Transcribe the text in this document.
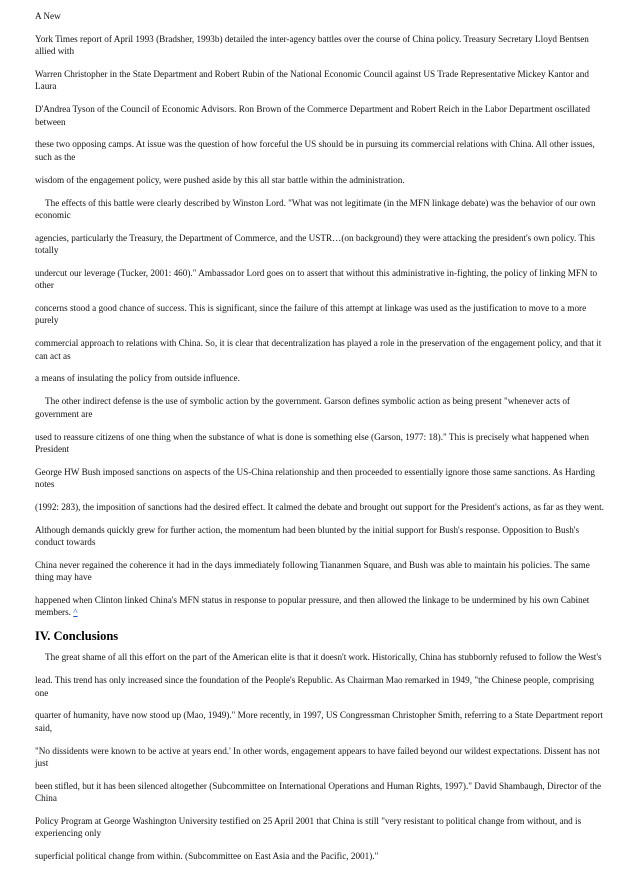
A New

York Times report of April 1993 (Bradsher, 1993b) detailed the inter-agency battles over the course of China policy. Treasury Secretary Lloyd Bentsen allied with

Warren Christopher in the State Department and Robert Rubin of the National Economic Council against US Trade Representative Mickey Kantor and Laura

D'Andrea Tyson of the Council of Economic Advisors. Ron Brown of the Commerce Department and Robert Reich in the Labor Department oscillated between

these two opposing camps. At issue was the question of how forceful the US should be in pursuing its commercial relations with China. All other issues, such as the

wisdom of the engagement policy, were pushed aside by this all star battle within the administration.

The effects of this battle were clearly described by Winston Lord. "What was not legitimate (in the MFN linkage debate) was the behavior of our own economic

agencies, particularly the Treasury, the Department of Commerce, and the USTR…(on background) they were attacking the president's own policy. This totally

undercut our leverage (Tucker, 2001: 460)." Ambassador Lord goes on to assert that without this administrative in-fighting, the policy of linking MFN to other

concerns stood a good chance of success. This is significant, since the failure of this attempt at linkage was used as the justification to move to a more purely

commercial approach to relations with China. So, it is clear that decentralization has played a role in the preservation of the engagement policy, and that it can act as

a means of insulating the policy from outside influence.

The other indirect defense is the use of symbolic action by the government. Garson defines symbolic action as being present "whenever acts of government are

used to reassure citizens of one thing when the substance of what is done is something else (Garson, 1977: 18)." This is precisely what happened when President

George HW Bush imposed sanctions on aspects of the US-China relationship and then proceeded to essentially ignore those same sanctions. As Harding notes

(1992: 283), the imposition of sanctions had the desired effect. It calmed the debate and brought out support for the President's actions, as far as they went.

Although demands quickly grew for further action, the momentum had been blunted by the initial support for Bush's response. Opposition to Bush's conduct towards

China never regained the coherence it had in the days immediately following Tiananmen Square, and Bush was able to maintain his policies. The same thing may have

happened when Clinton linked China's MFN status in response to popular pressure, and then allowed the linkage to be undermined by his own Cabinet members. ^

IV. Conclusions

The great shame of all this effort on the part of the American elite is that it doesn't work. Historically, China has stubbornly refused to follow the West's

lead. This trend has only increased since the foundation of the People's Republic. As Chairman Mao remarked in 1949, "the Chinese people, comprising one

quarter of humanity, have now stood up (Mao, 1949)." More recently, in 1997, US Congressman Christopher Smith, referring to a State Department report said,

"No dissidents were known to be active at years end.' In other words, engagement appears to have failed beyond our wildest expectations. Dissent has not just

been stifled, but it has been silenced altogether (Subcommittee on International Operations and Human Rights, 1997)." David Shambaugh, Director of the China

Policy Program at George Washington University testified on 25 April 2001 that China is still "very resistant to political change from without, and is experiencing only

superficial political change from within. (Subcommittee on East Asia and the Pacific, 2001)."
